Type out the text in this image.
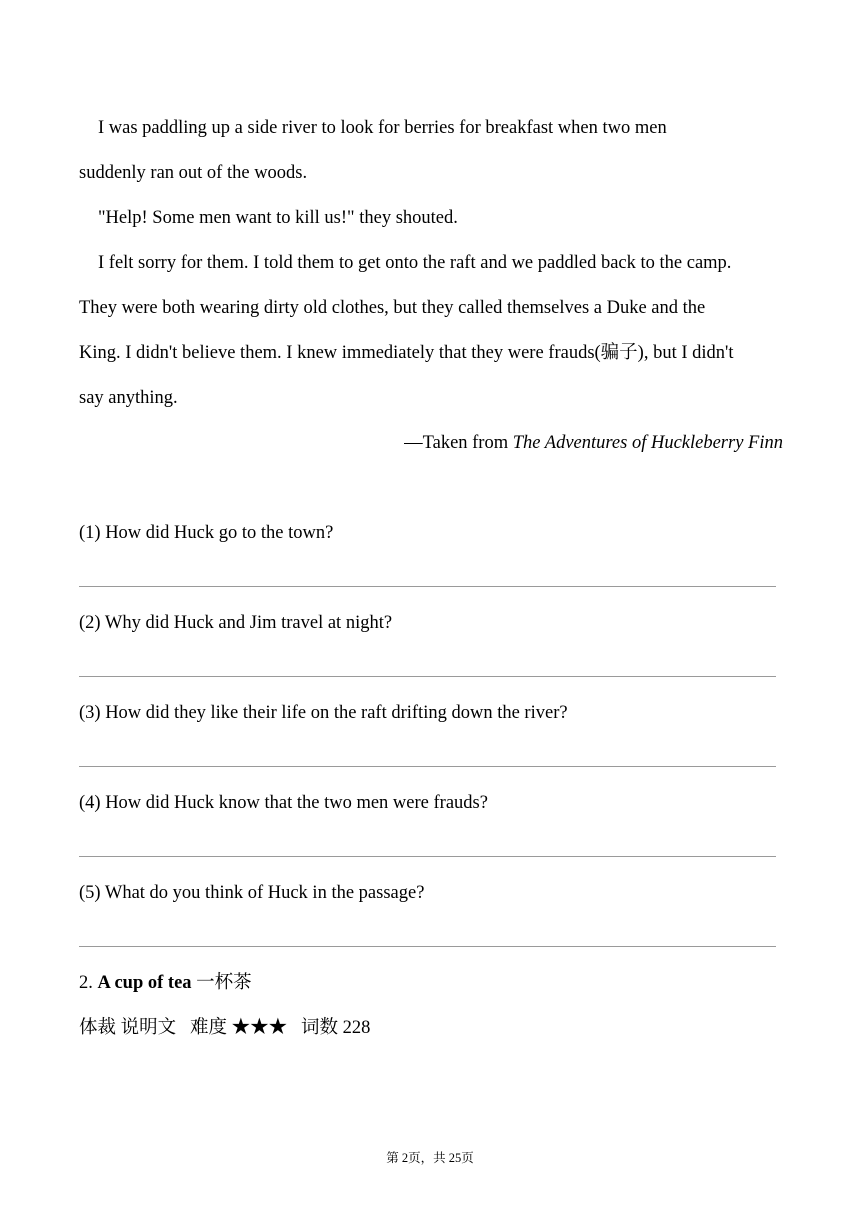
I was paddling up a side river to look for berries for breakfast when two men
suddenly ran out of the woods.
"Help! Some men want to kill us!" they shouted.
I felt sorry for them. I told them to get onto the raft and we paddled back to the camp.
They were both wearing dirty old clothes, but they called themselves a Duke and the
King. I didn't believe them. I knew immediately that they were frauds(骗子), but I didn't
say anything.
—Taken from The Adventures of Huckleberry Finn
(1) How did Huck go to the town?
(2) Why did Huck and Jim travel at night?
(3) How did they like their life on the raft drifting down the river?
(4) How did Huck know that the two men were frauds?
(5) What do you think of Huck in the passage?
2. A cup of tea 一杯茶
体裁 说明文   难度 ★★★   词数 228
第 2页，共 25页
